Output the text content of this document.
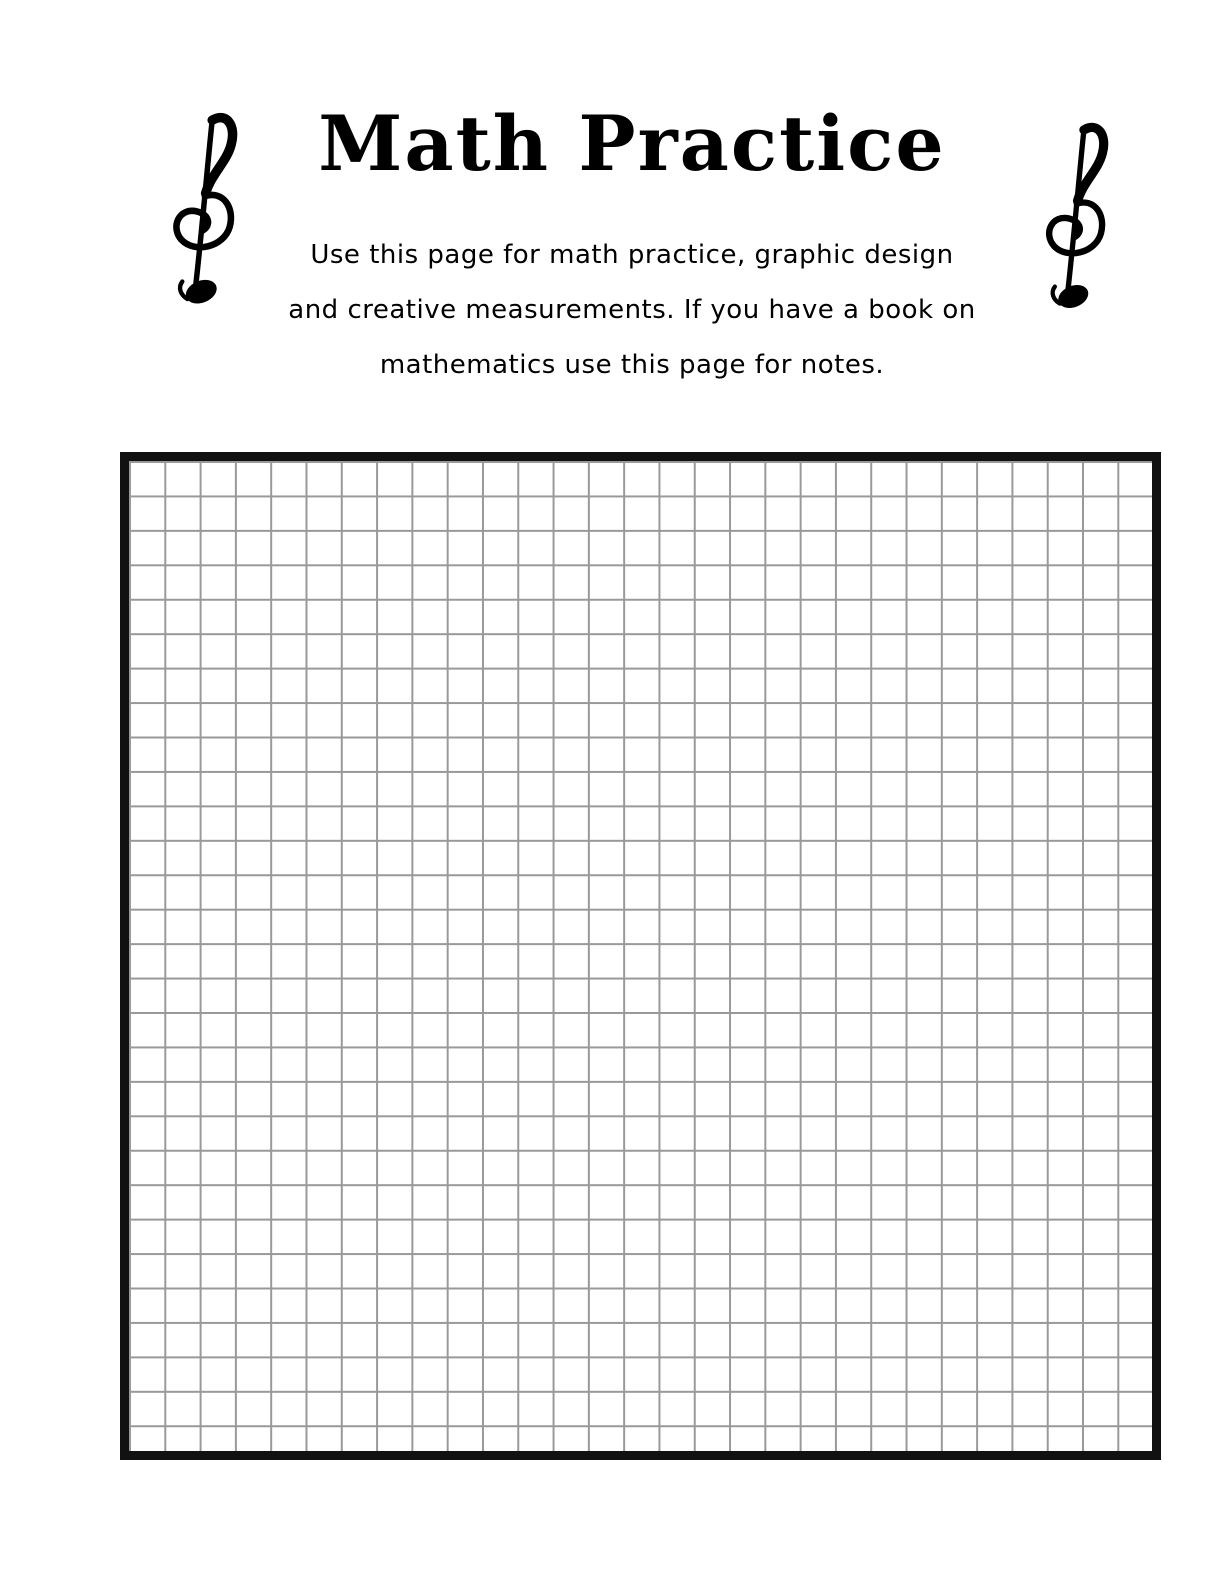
Math Practice

Use this page for math practice, graphic design

and creative measurements. If you have a book on

mathematics use this page for notes.
